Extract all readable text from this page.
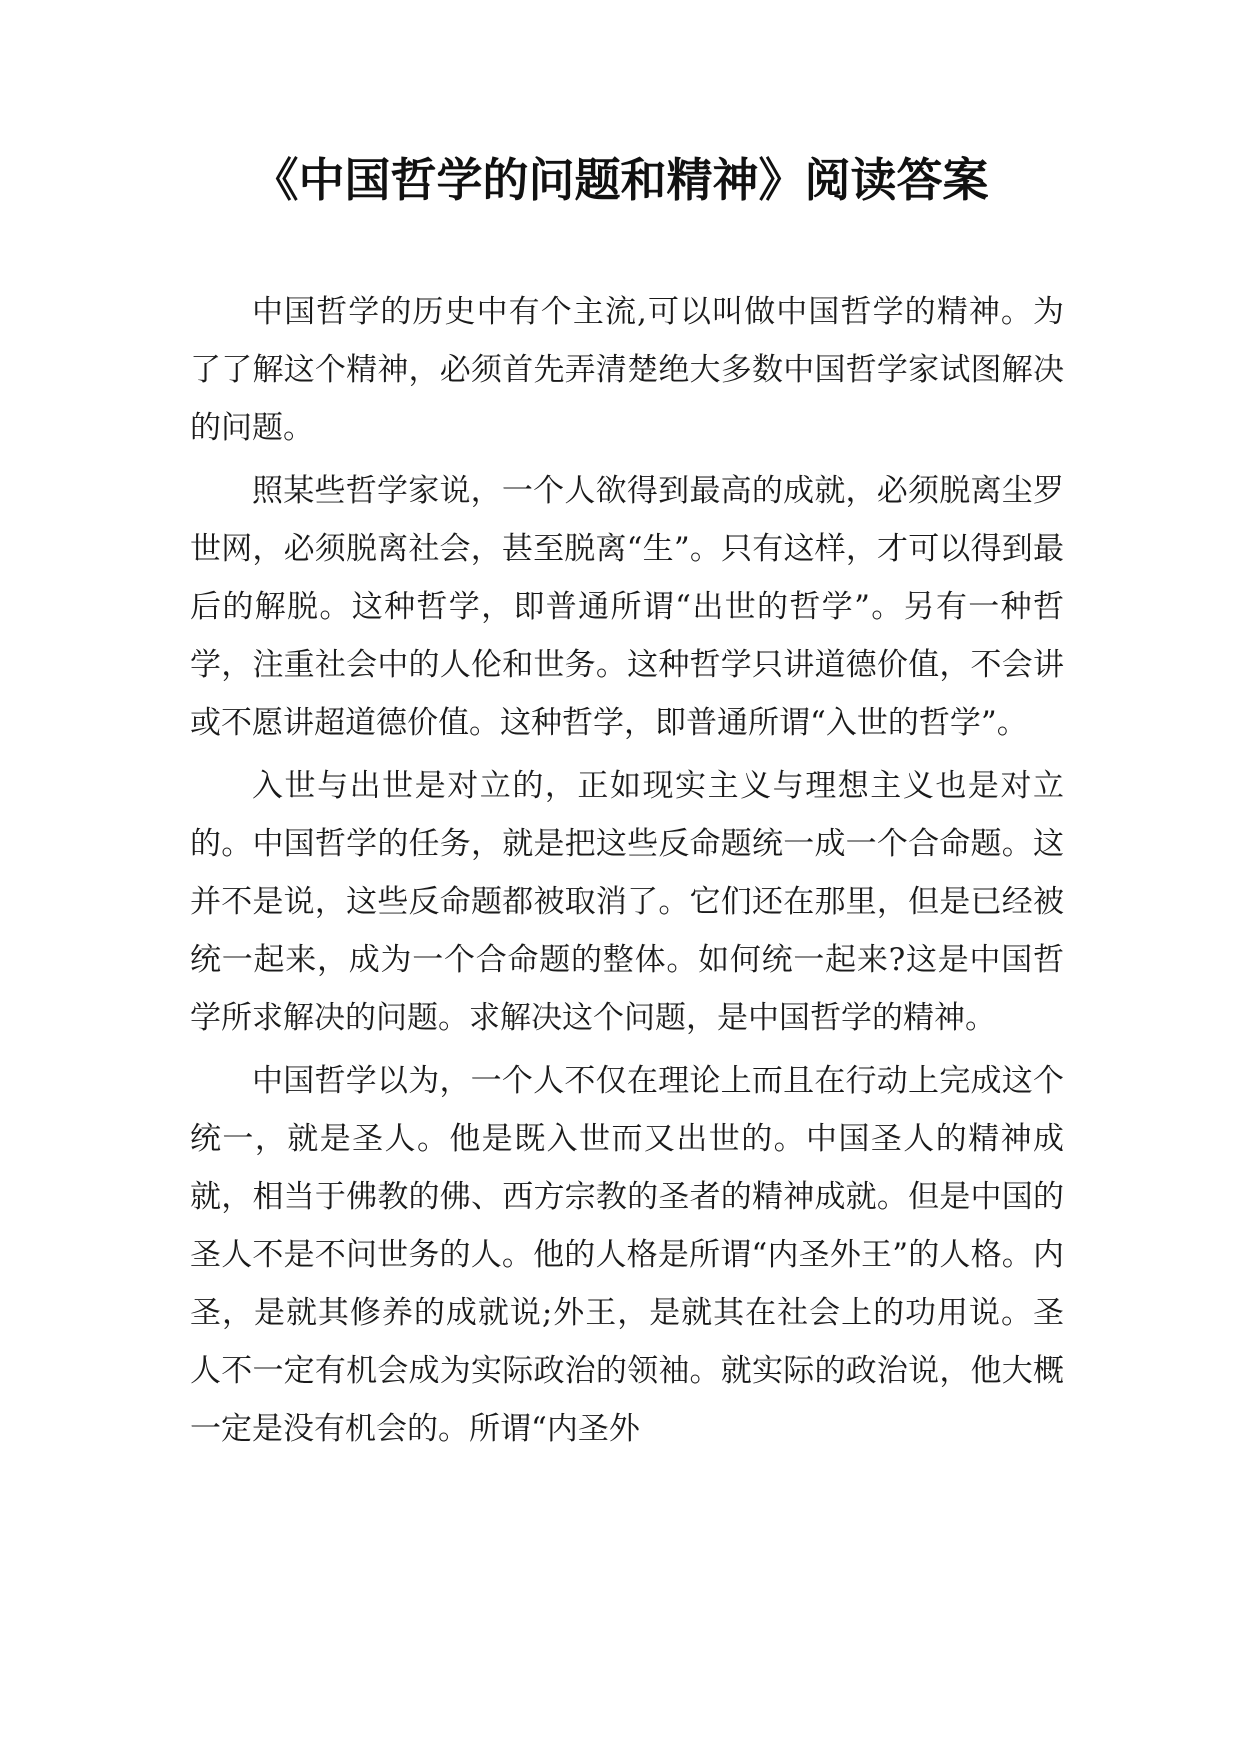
《中国哲学的问题和精神》阅读答案

中国哲学的历史中有个主流,可以叫做中国哲学的精神。为了了解这个精神，必须首先弄清楚绝大多数中国哲学家试图解决的问题。

照某些哲学家说，一个人欲得到最高的成就，必须脱离尘罗世网，必须脱离社会，甚至脱离“生”。只有这样，才可以得到最后的解脱。这种哲学，即普通所谓“出世的哲学”。另有一种哲学，注重社会中的人伦和世务。这种哲学只讲道德价值，不会讲或不愿讲超道德价值。这种哲学，即普通所谓“入世的哲学”。

入世与出世是对立的，正如现实主义与理想主义也是对立的。中国哲学的任务，就是把这些反命题统一成一个合命题。这并不是说，这些反命题都被取消了。它们还在那里，但是已经被统一起来，成为一个合命题的整体。如何统一起来?这是中国哲学所求解决的问题。求解决这个问题，是中国哲学的精神。

中国哲学以为，一个人不仅在理论上而且在行动上完成这个统一，就是圣人。他是既入世而又出世的。中国圣人的精神成就，相当于佛教的佛、西方宗教的圣者的精神成就。但是中国的圣人不是不问世务的人。他的人格是所谓“内圣外王”的人格。内圣，是就其修养的成就说;外王，是就其在社会上的功用说。圣人不一定有机会成为实际政治的领袖。就实际的政治说，他大概一定是没有机会的。所谓“内圣外
